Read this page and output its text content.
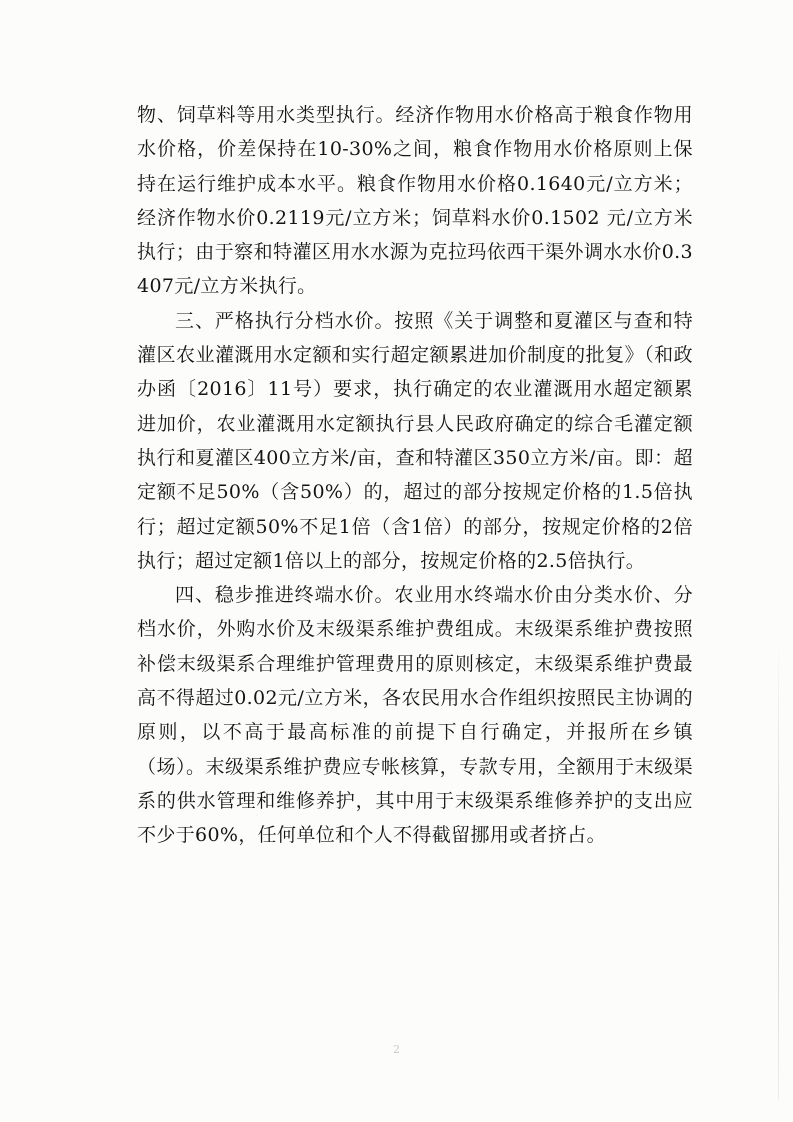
物、饲草料等用水类型执行。经济作物用水价格高于粮食作物用水价格，价差保持在10-30%之间，粮食作物用水价格原则上保持在运行维护成本水平。粮食作物用水价格0.1640元/立方米；经济作物水价0.2119元/立方米；饲草料水价0.1502 元/立方米执行；由于察和特灌区用水水源为克拉玛依西干渠外调水水价0.3407元/立方米执行。

三、严格执行分档水价。按照《关于调整和夏灌区与查和特灌区农业灌溉用水定额和实行超定额累进加价制度的批复》（和政办函〔2016〕11号）要求，执行确定的农业灌溉用水超定额累进加价，农业灌溉用水定额执行县人民政府确定的综合毛灌定额执行和夏灌区400立方米/亩，查和特灌区350立方米/亩。即：超定额不足50%（含50%）的，超过的部分按规定价格的1.5倍执行；超过定额50%不足1倍（含1倍）的部分，按规定价格的2倍执行；超过定额1倍以上的部分，按规定价格的2.5倍执行。

四、稳步推进终端水价。农业用水终端水价由分类水价、分档水价，外购水价及末级渠系维护费组成。末级渠系维护费按照补偿末级渠系合理维护管理费用的原则核定，末级渠系维护费最高不得超过0.02元/立方米，各农民用水合作组织按照民主协调的原则，以不高于最高标准的前提下自行确定，并报所在乡镇（场）。末级渠系维护费应专帐核算，专款专用，全额用于末级渠系的供水管理和维修养护，其中用于末级渠系维修养护的支出应不少于60%，任何单位和个人不得截留挪用或者挤占。

2
